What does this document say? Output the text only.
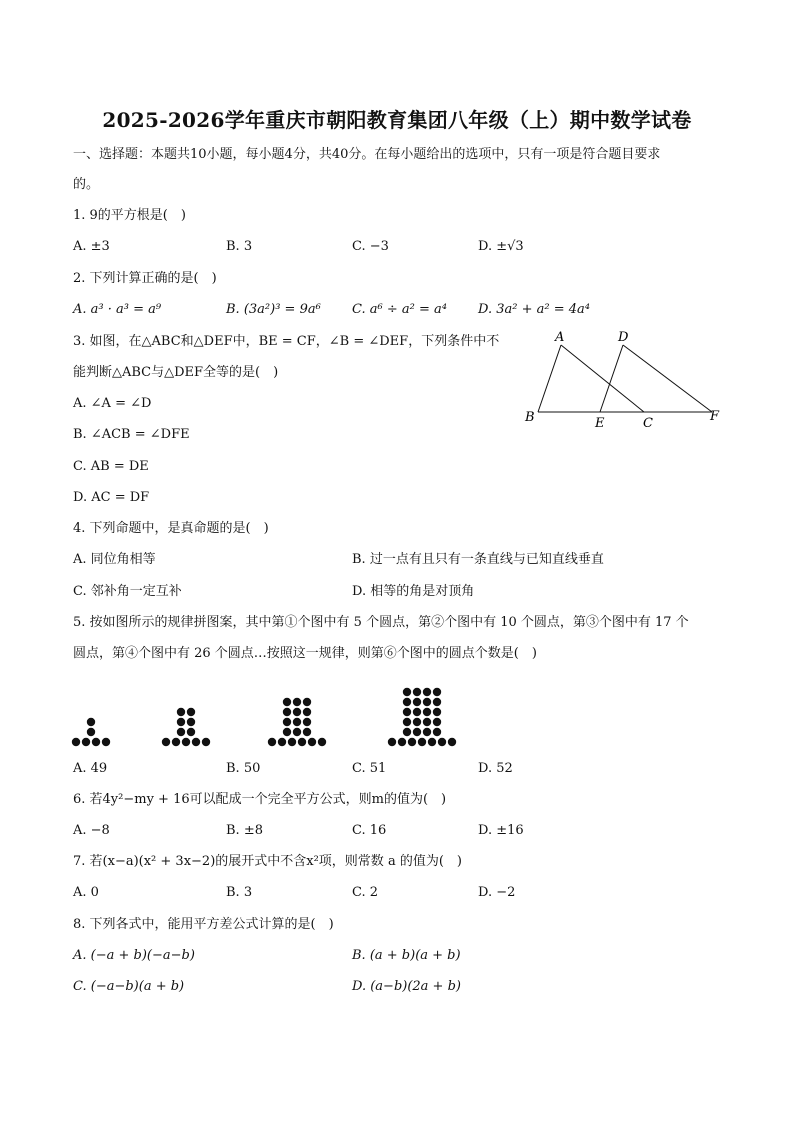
2025-2026学年重庆市朝阳教育集团八年级（上）期中数学试卷
一、选择题：本题共10小题，每小题4分，共40分。在每小题给出的选项中，只有一项是符合题目要求
的。
1. 9的平方根是(　)
A. ±3	B. 3	C. −3	D. ±√3
2. 下列计算正确的是(　)
A. a³ · a³ = a⁹	B. (3a²)³ = 9a⁶ C. a⁶ ÷ a² = a⁴ D. 3a² + a² = 4a⁴
3. 如图，在△ABC和△DEF中，BE = CF，∠B = ∠DEF，下列条件中不
能判断△ABC与△DEF全等的是(　)
A. ∠A = ∠D
B. ∠ACB = ∠DFE
C. AB = DE
D. AC = DF
A	D
B	E	C	F
4. 下列命题中，是真命题的是(　)
A. 同位角相等	B. 过一点有且只有一条直线与已知直线垂直
C. 邻补角一定互补	D. 相等的角是对顶角
5. 按如图所示的规律拼图案，其中第①个图中有 5 个圆点，第②个图中有 10 个圆点，第③个图中有 17 个
圆点，第④个图中有 26 个圆点…按照这一规律，则第⑥个图中的圆点个数是(　)
A. 49	B. 50	C. 51	D. 52
6. 若4y²−my + 16可以配成一个完全平方公式，则m的值为(　)
A. −8	B. ±8	C. 16	D. ±16
7. 若(x−a)(x² + 3x−2)的展开式中不含x²项，则常数 a 的值为(　)
A. 0	B. 3	C. 2	D. −2
8. 下列各式中，能用平方差公式计算的是(　)
A. (−a + b)(−a−b)	B. (a + b)(a + b)
C. (−a−b)(a + b)	D. (a−b)(2a + b)
